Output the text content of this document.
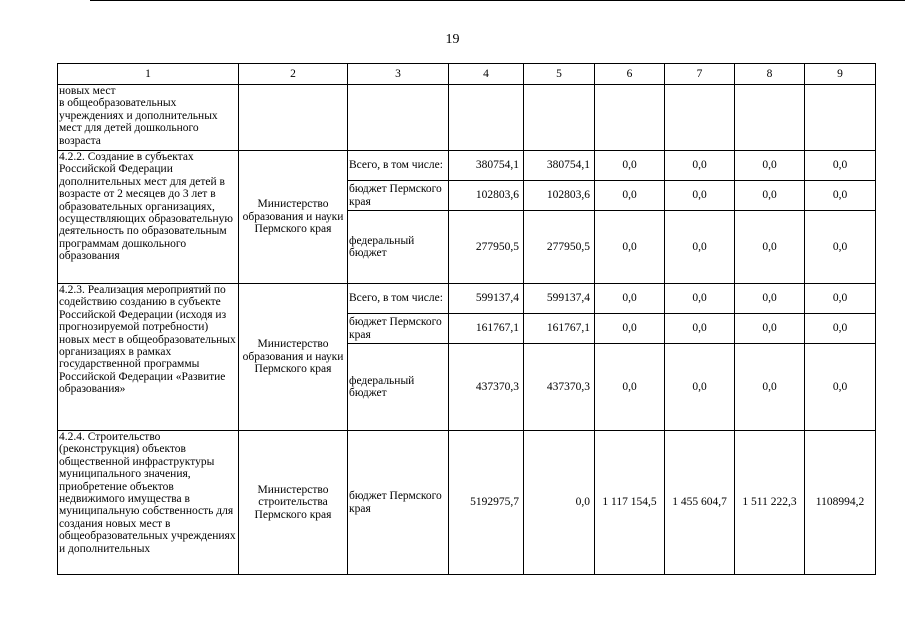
19
1	2	3	4	5	6	7	8	9
новых мест
в общеобразовательных учреждениях и дополнительных мест для детей дошкольного возраста								
4.2.2. Создание в субъектах Российской Федерации дополнительных мест для детей в возрасте от 2 месяцев до 3 лет в образовательных организациях, осуществляющих образовательную деятельность по образовательным программам дошкольного образования	Министерство образования и науки Пермского края	Всего, в том числе:	380754,1	380754,1	0,0	0,0	0,0	0,0
		бюджет Пермского края	102803,6	102803,6	0,0	0,0	0,0	0,0
		федеральный бюджет	277950,5	277950,5	0,0	0,0	0,0	0,0
4.2.3. Реализация мероприятий по содействию созданию в субъекте Российской Федерации (исходя из прогнозируемой потребности) новых мест в общеобразовательных организациях в рамках государственной программы Российской Федерации «Развитие образования»	Министерство образования и науки Пермского края	Всего, в том числе:	599137,4	599137,4	0,0	0,0	0,0	0,0
		бюджет Пермского края	161767,1	161767,1	0,0	0,0	0,0	0,0
		федеральный бюджет	437370,3	437370,3	0,0	0,0	0,0	0,0
4.2.4. Строительство (реконструкция) объектов общественной инфраструктуры муниципального значения, приобретение объектов недвижимого имущества в муниципальную собственность для создания новых мест в общеобразовательных учреждениях и дополнительных	Министерство строительства Пермского края	бюджет Пермского края	5192975,7	0,0	1 117 154,5	1 455 604,7	1 511 222,3	1108994,2
